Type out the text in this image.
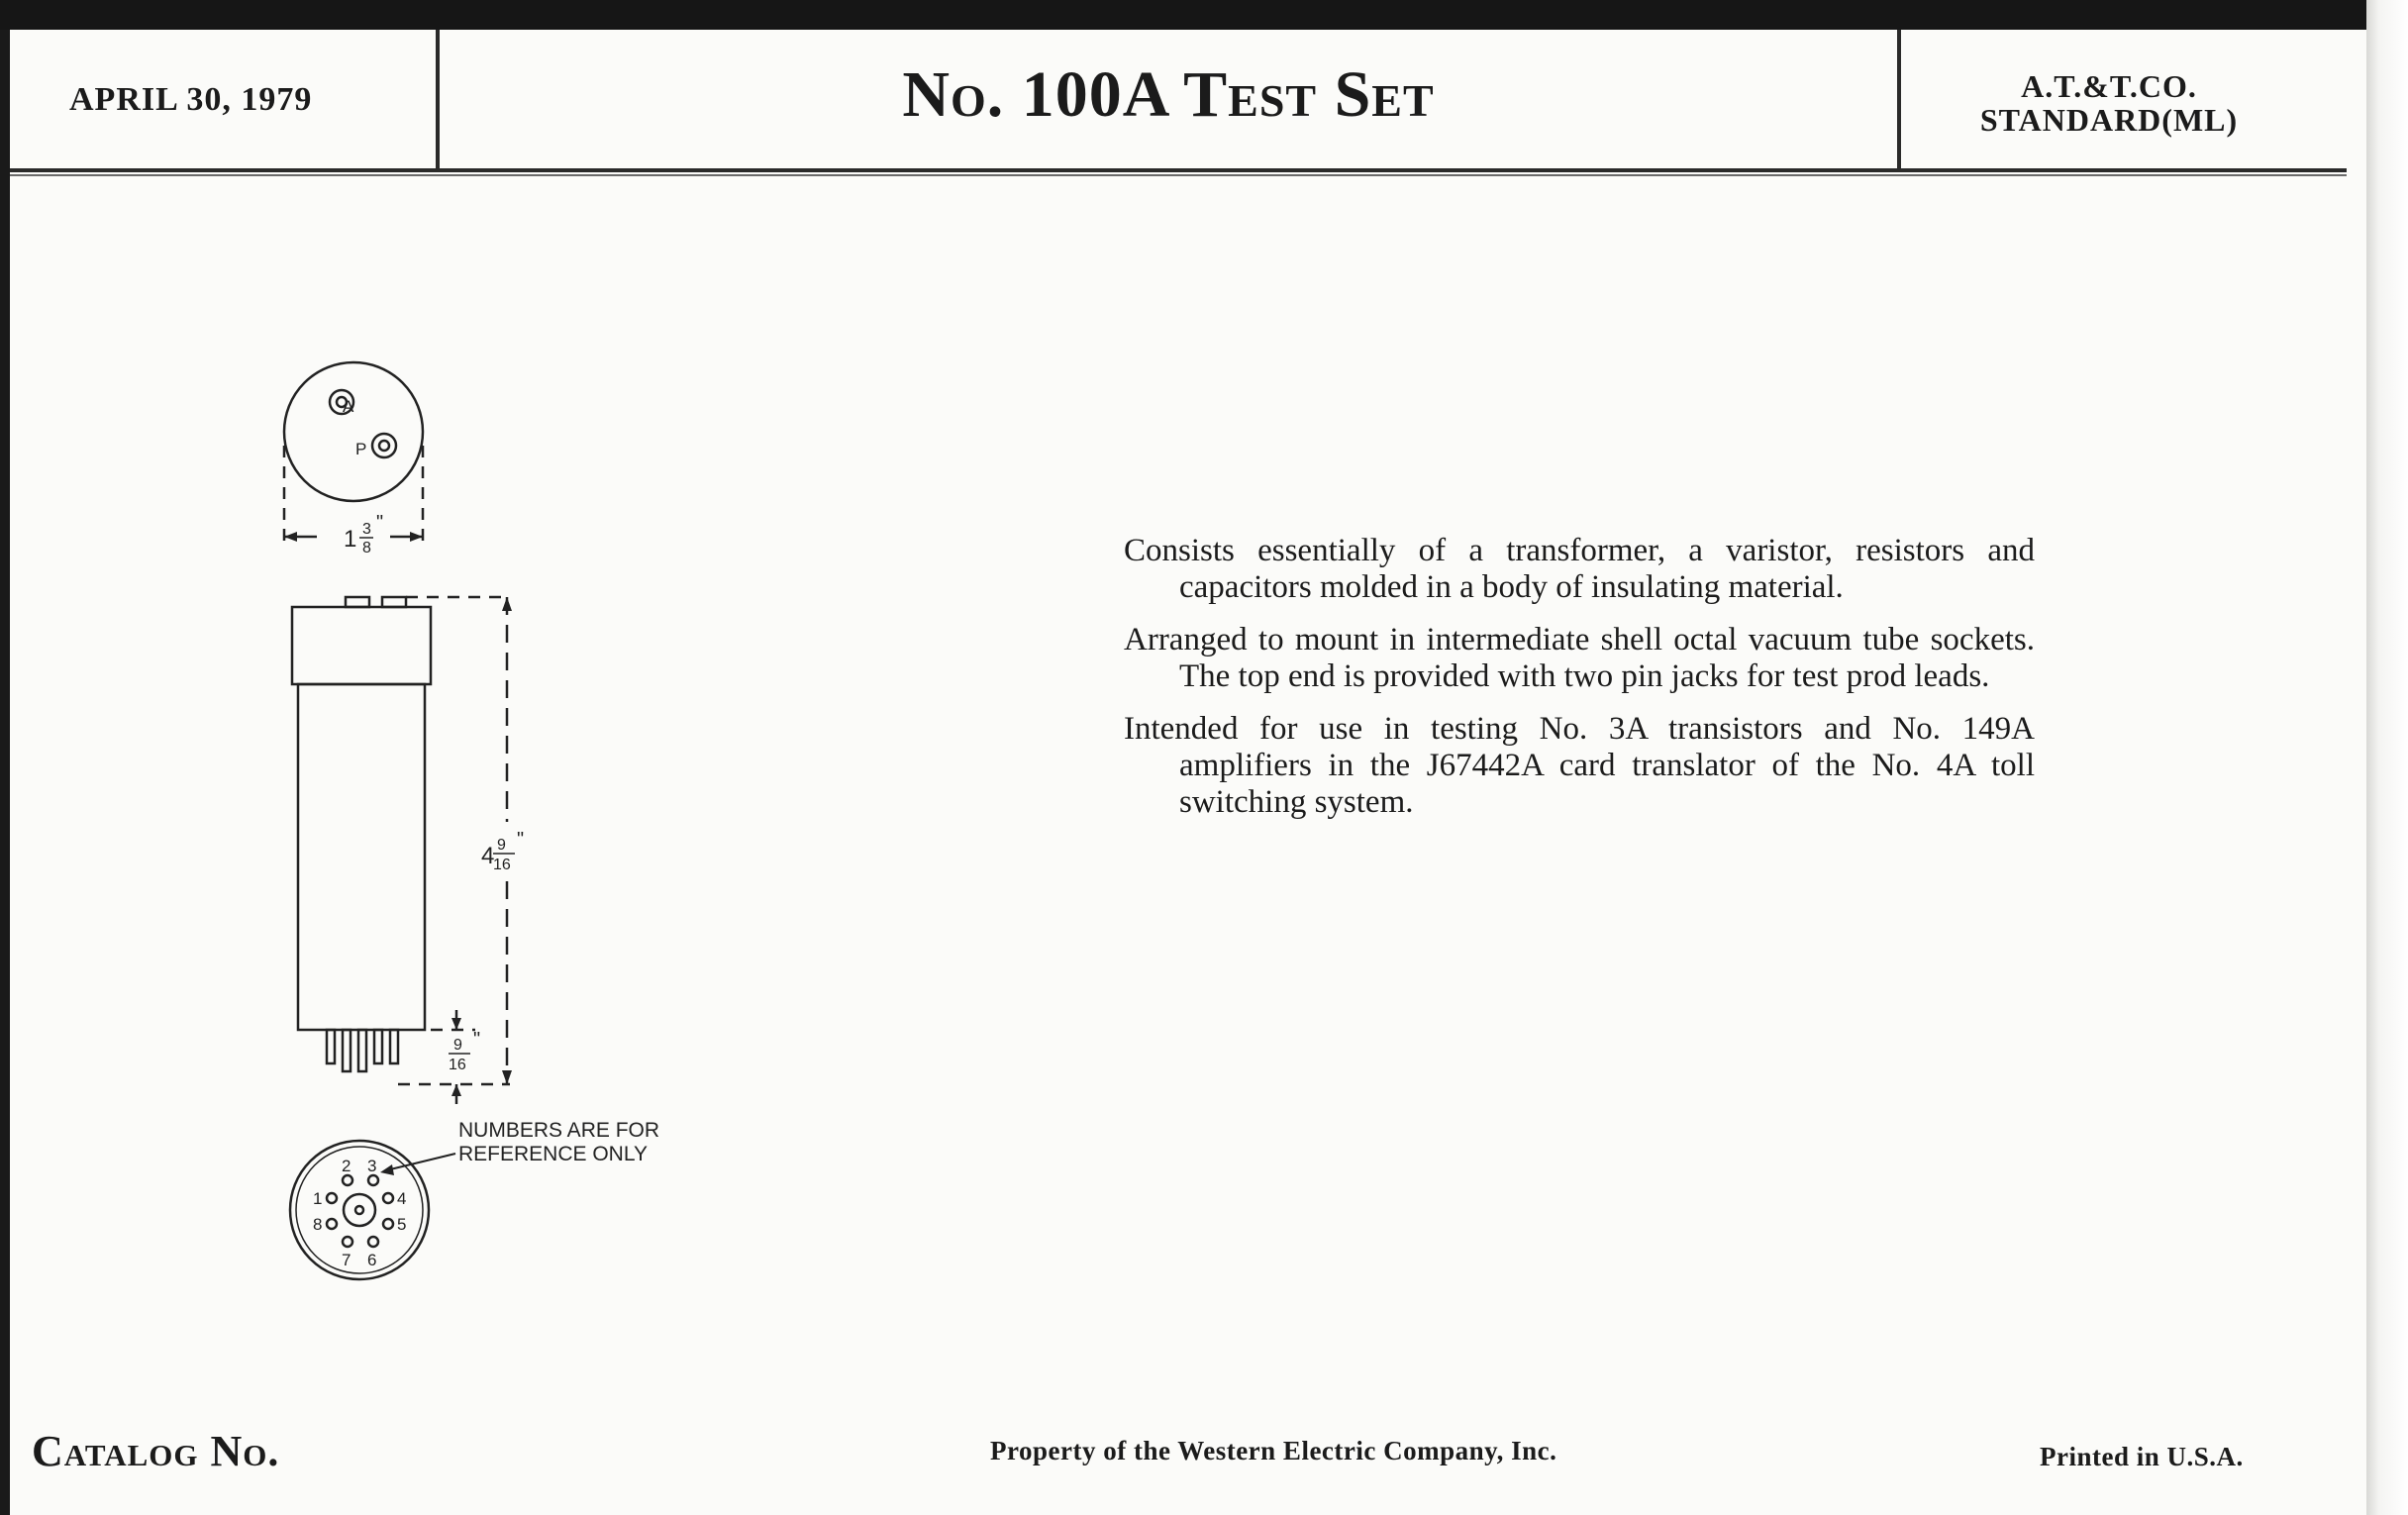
APRIL 30, 1979	No. 100A Test Set	A.T.&T.CO.
STANDARD(ML)
A
P
1 3
8
"
4 9
16
"
9
16
"
NUMBERS ARE FOR
REFERENCE ONLY
1
2 3
4
5
6
7
8

Consists essentially of a transformer, a varistor, resistors and capacitors molded in a body of insulating material.

Arranged to mount in intermediate shell octal vacuum tube sockets. The top end is provided with two pin jacks for test prod leads.

Intended for use in testing No. 3A transistors and No. 149A amplifiers in the J67442A card translator of the No. 4A toll switching system.

Catalog No.	Property of the Western Electric Company, Inc.	Printed in U.S.A.
